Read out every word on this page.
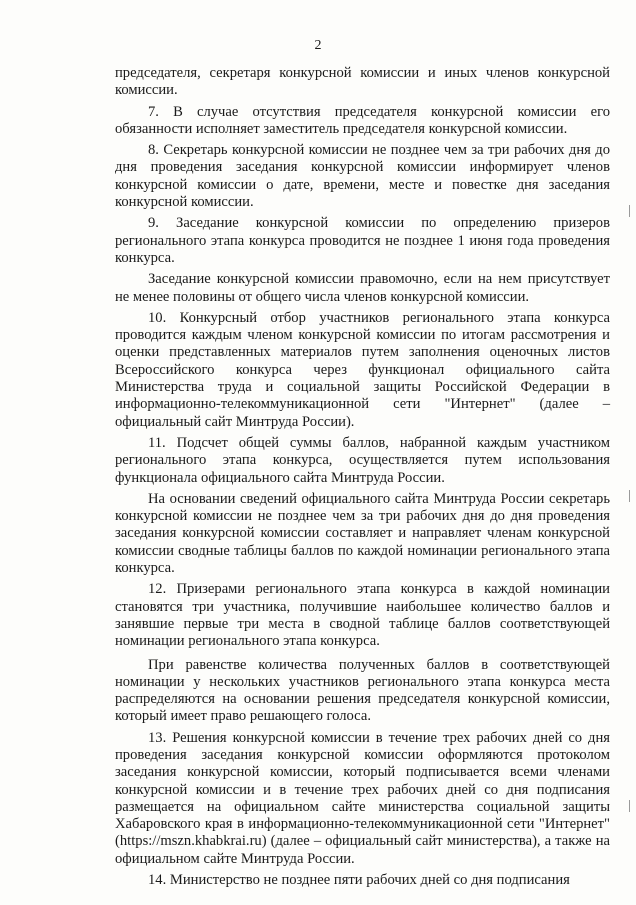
2

председателя, секретаря конкурсной комиссии и иных членов конкурсной комиссии.

7. В случае отсутствия председателя конкурсной комиссии его обязанности исполняет заместитель председателя конкурсной комиссии.

8. Секретарь конкурсной комиссии не позднее чем за три рабочих дня до дня проведения заседания конкурсной комиссии информирует членов конкурсной комиссии о дате, времени, месте и повестке дня заседания конкурсной комиссии.

9. Заседание конкурсной комиссии по определению призеров регионального этапа конкурса проводится не позднее 1 июня года проведения конкурса.

Заседание конкурсной комиссии правомочно, если на нем присутствует не менее половины от общего числа членов конкурсной комиссии.

10. Конкурсный отбор участников регионального этапа конкурса проводится каждым членом конкурсной комиссии по итогам рассмотрения и оценки представленных материалов путем заполнения оценочных листов Всероссийского конкурса через функционал официального сайта Министерства труда и социальной защиты Российской Федерации в информационно-телекоммуникационной сети "Интернет" (далее – официальный сайт Минтруда России).

11. Подсчет общей суммы баллов, набранной каждым участником регионального этапа конкурса, осуществляется путем использования функционала официального сайта Минтруда России.

На основании сведений официального сайта Минтруда России секретарь конкурсной комиссии не позднее чем за три рабочих дня до дня проведения заседания конкурсной комиссии составляет и направляет членам конкурсной комиссии сводные таблицы баллов по каждой номинации регионального этапа конкурса.

12. Призерами регионального этапа конкурса в каждой номинации становятся три участника, получившие наибольшее количество баллов и занявшие первые три места в сводной таблице баллов соответствующей номинации регионального этапа конкурса.

При равенстве количества полученных баллов в соответствующей номинации у нескольких участников регионального этапа конкурса места распределяются на основании решения председателя конкурсной комиссии, который имеет право решающего голоса.

13. Решения конкурсной комиссии в течение трех рабочих дней со дня проведения заседания конкурсной комиссии оформляются протоколом заседания конкурсной комиссии, который подписывается всеми членами конкурсной комиссии и в течение трех рабочих дней со дня подписания размещается на официальном сайте министерства социальной защиты Хабаровского края в информационно-телекоммуникационной сети "Интернет" (https://mszn.khabkrai.ru) (далее – официальный сайт министерства), а также на официальном сайте Минтруда России.

14. Министерство не позднее пяти рабочих дней со дня подписания
